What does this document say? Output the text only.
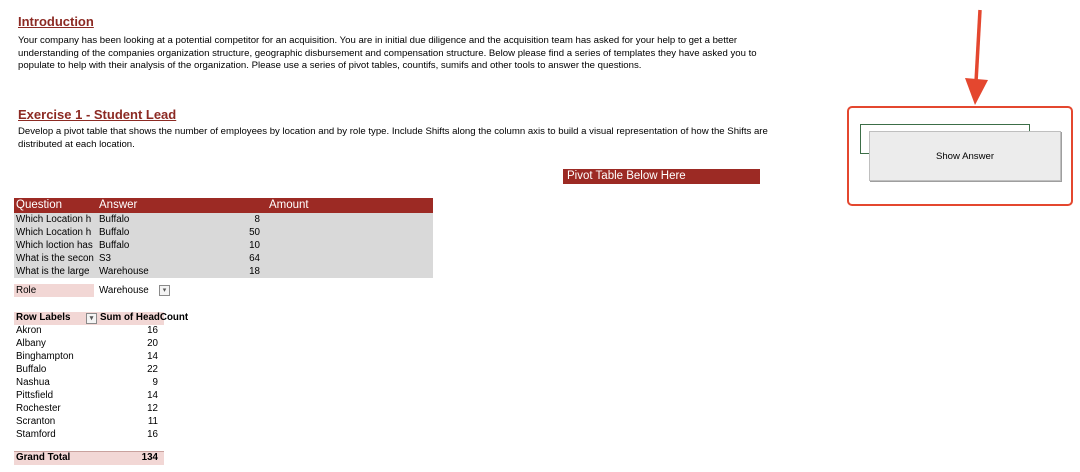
Introduction
Your company has been looking at a potential competitor for an acquisition. You are in initial due diligence and the acquisition team has asked for your help to get a better
understanding of the companies organization structure, geographic disbursement and compensation structure. Below please find a series of templates they have asked you to
populate to help with their analysis of the organization. Please use a series of pivot tables, countifs, sumifs and other tools to answer the questions.
Exercise 1 - Student Lead
Develop a pivot table that shows the number of employees by location and by role type. Include Shifts along the column axis to build a visual representation of how the Shifts are
distributed at each location.
Pivot Table Below Here
Show Answer
Question	Answer	Amount
Which Location h Buffalo	8
Which Location h Buffalo	50
Which loction has Buffalo	10
What is the secon S3	64
What is the large Warehouse	18
Role	Warehouse	▾
Row Labels	▾ Sum of HeadCount
Akron	16
Albany	20
Binghampton	14
Buffalo	22
Nashua	9
Pittsfield	14
Rochester	12
Scranton	11
Stamford	16
Grand Total	134
